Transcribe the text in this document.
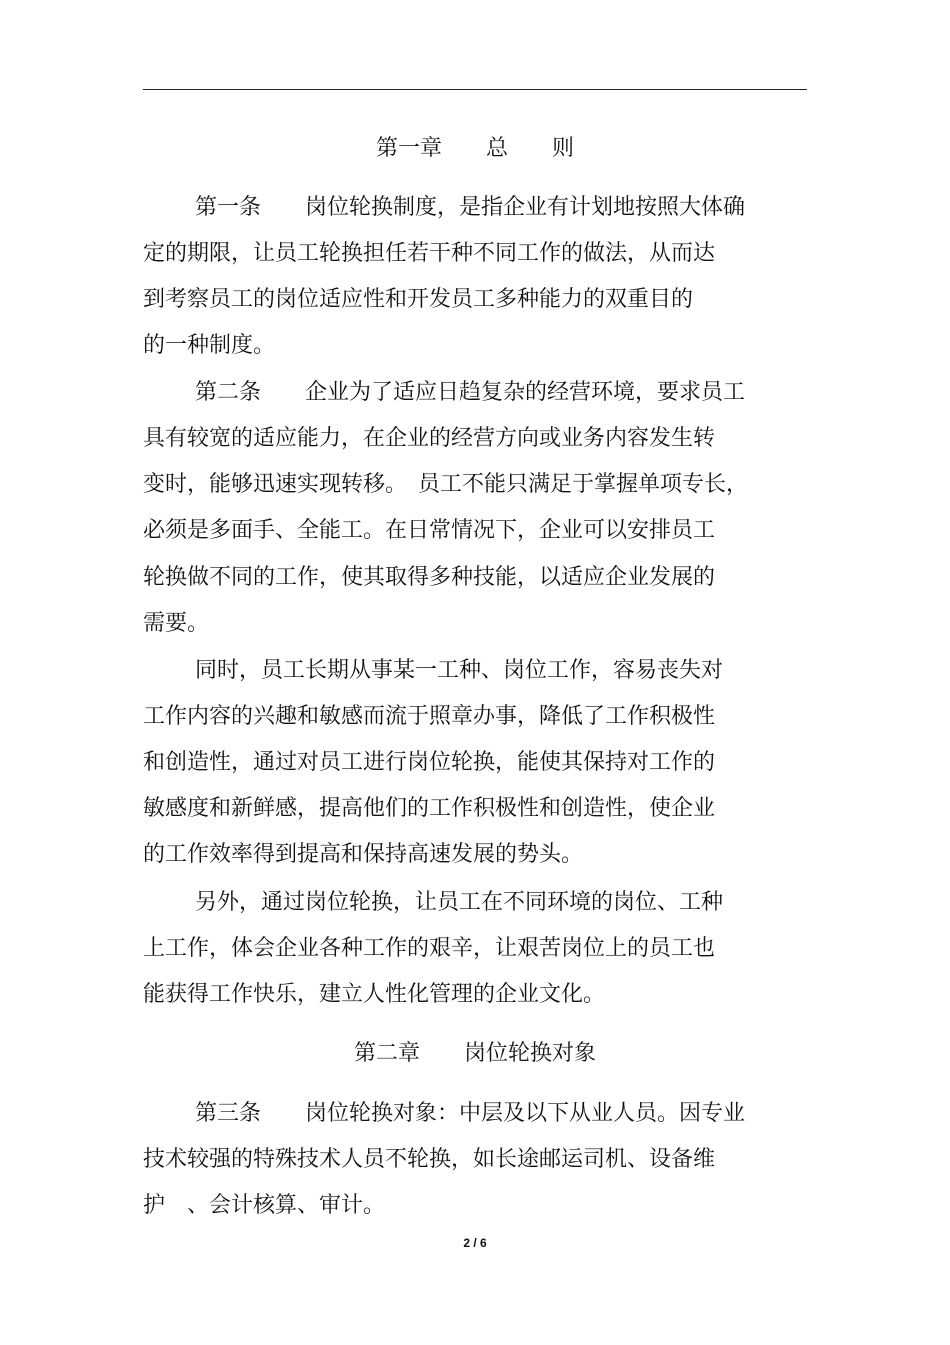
第一章　　总　　则
第一条　　岗位轮换制度，是指企业有计划地按照大体确
定的期限，让员工轮换担任若干种不同工作的做法，从而达
到考察员工的岗位适应性和开发员工多种能力的双重目的
的一种制度。
第二条　　企业为了适应日趋复杂的经营环境，要求员工
具有较宽的适应能力，在企业的经营方向或业务内容发生转
变时，能够迅速实现转移。　员工不能只满足于掌握单项专长，
必须是多面手、全能工。在日常情况下，企业可以安排员工
轮换做不同的工作，使其取得多种技能，以适应企业发展的
需要。
同时，员工长期从事某一工种、岗位工作，容易丧失对
工作内容的兴趣和敏感而流于照章办事，降低了工作积极性
和创造性，通过对员工进行岗位轮换，能使其保持对工作的
敏感度和新鲜感，提高他们的工作积极性和创造性，使企业
的工作效率得到提高和保持高速发展的势头。
另外，通过岗位轮换，让员工在不同环境的岗位、工种
上工作，体会企业各种工作的艰辛，让艰苦岗位上的员工也
能获得工作快乐，建立人性化管理的企业文化。
第二章　　岗位轮换对象
第三条　　岗位轮换对象：中层及以下从业人员。因专业
技术较强的特殊技术人员不轮换，如长途邮运司机、设备维
护　、会计核算、审计。
2 / 6
